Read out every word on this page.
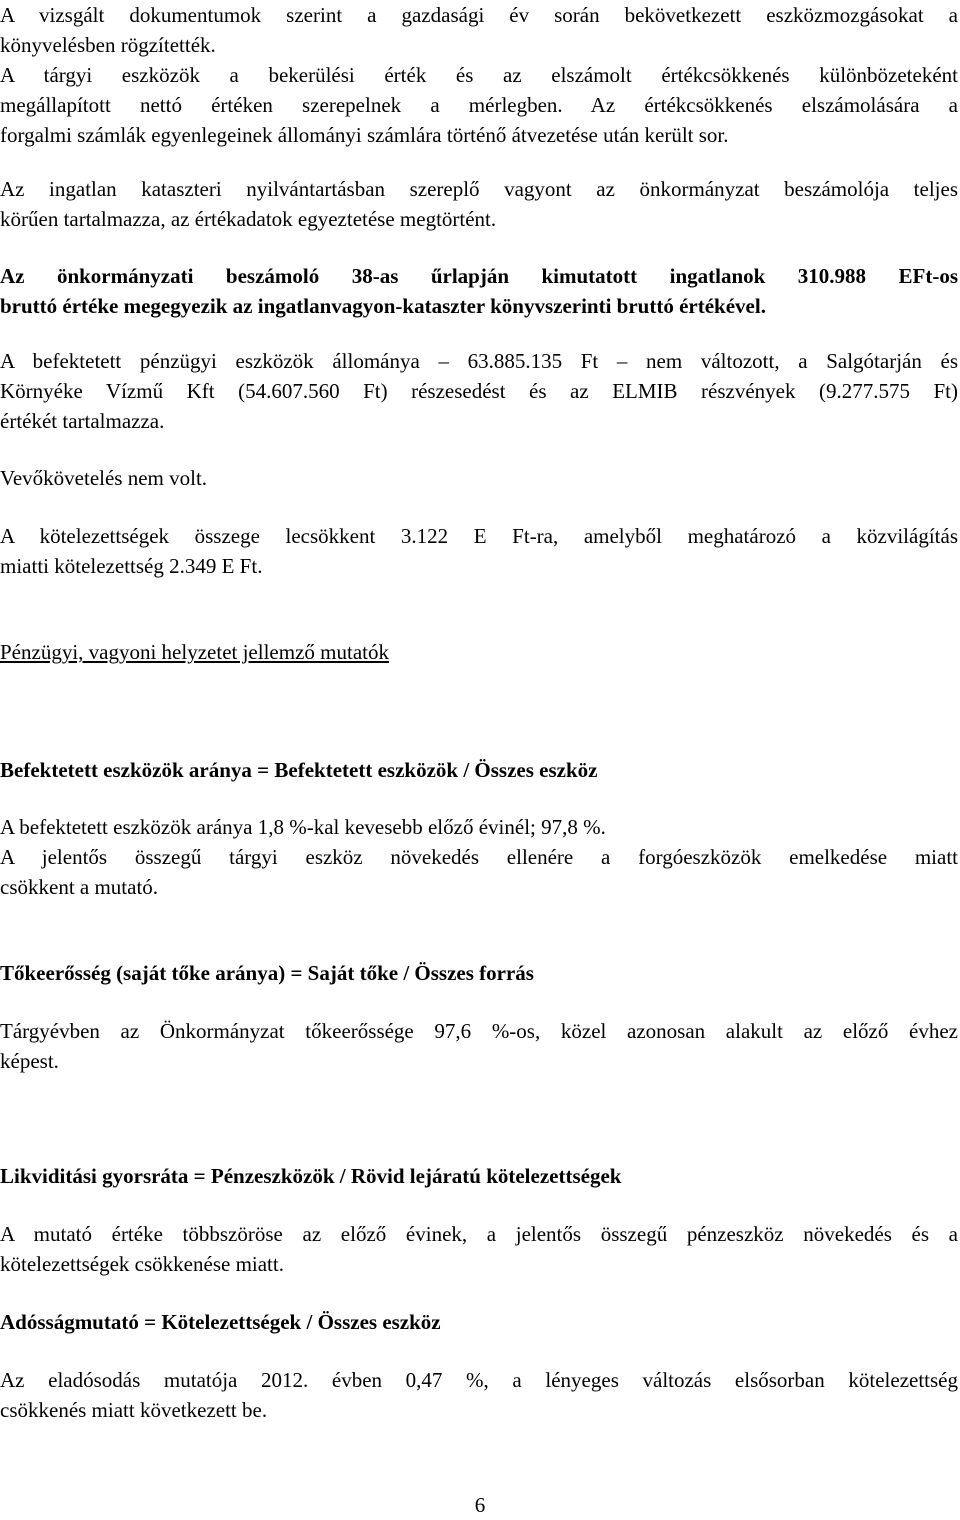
A vizsgált dokumentumok szerint a gazdasági év során bekövetkezett eszközmozgásokat a
könyvelésben rögzítették.
A tárgyi eszközök a bekerülési érték és az elszámolt értékcsökkenés különbözeteként
megállapított nettó értéken szerepelnek a mérlegben. Az értékcsökkenés elszámolására a
forgalmi számlák egyenlegeinek állományi számlára történő átvezetése után került sor.
Az ingatlan kataszteri nyilvántartásban szereplő vagyont az önkormányzat beszámolója teljes
körűen tartalmazza, az értékadatok egyeztetése megtörtént.
Az önkormányzati beszámoló 38-as űrlapján kimutatott ingatlanok 310.988 EFt-os
bruttó értéke megegyezik az ingatlanvagyon-kataszter könyvszerinti bruttó értékével.
A befektetett pénzügyi eszközök állománya – 63.885.135 Ft – nem változott, a Salgótarján és
Környéke Vízmű Kft (54.607.560 Ft) részesedést és az ELMIB részvények (9.277.575 Ft)
értékét tartalmazza.
Vevőkövetelés nem volt.
A kötelezettségek összege lecsökkent 3.122 E Ft-ra, amelyből meghatározó a közvilágítás
miatti kötelezettség 2.349 E Ft.
Pénzügyi, vagyoni helyzetet jellemző mutatók
Befektetett eszközök aránya = Befektetett eszközök / Összes eszköz
A befektetett eszközök aránya 1,8 %-kal kevesebb előző évinél; 97,8 %.
A jelentős összegű tárgyi eszköz növekedés ellenére a forgóeszközök emelkedése miatt
csökkent a mutató.
Tőkeerősség (saját tőke aránya) = Saját tőke / Összes forrás
Tárgyévben az Önkormányzat tőkeerőssége 97,6 %-os, közel azonosan alakult az előző évhez
képest.
Likviditási gyorsráta = Pénzeszközök / Rövid lejáratú kötelezettségek
A mutató értéke többszöröse az előző évinek, a jelentős összegű pénzeszköz növekedés és a
kötelezettségek csökkenése miatt.
Adósságmutató = Kötelezettségek / Összes eszköz
Az eladósodás mutatója 2012. évben 0,47 %, a lényeges változás elsősorban kötelezettség
csökkenés miatt következett be.
6
